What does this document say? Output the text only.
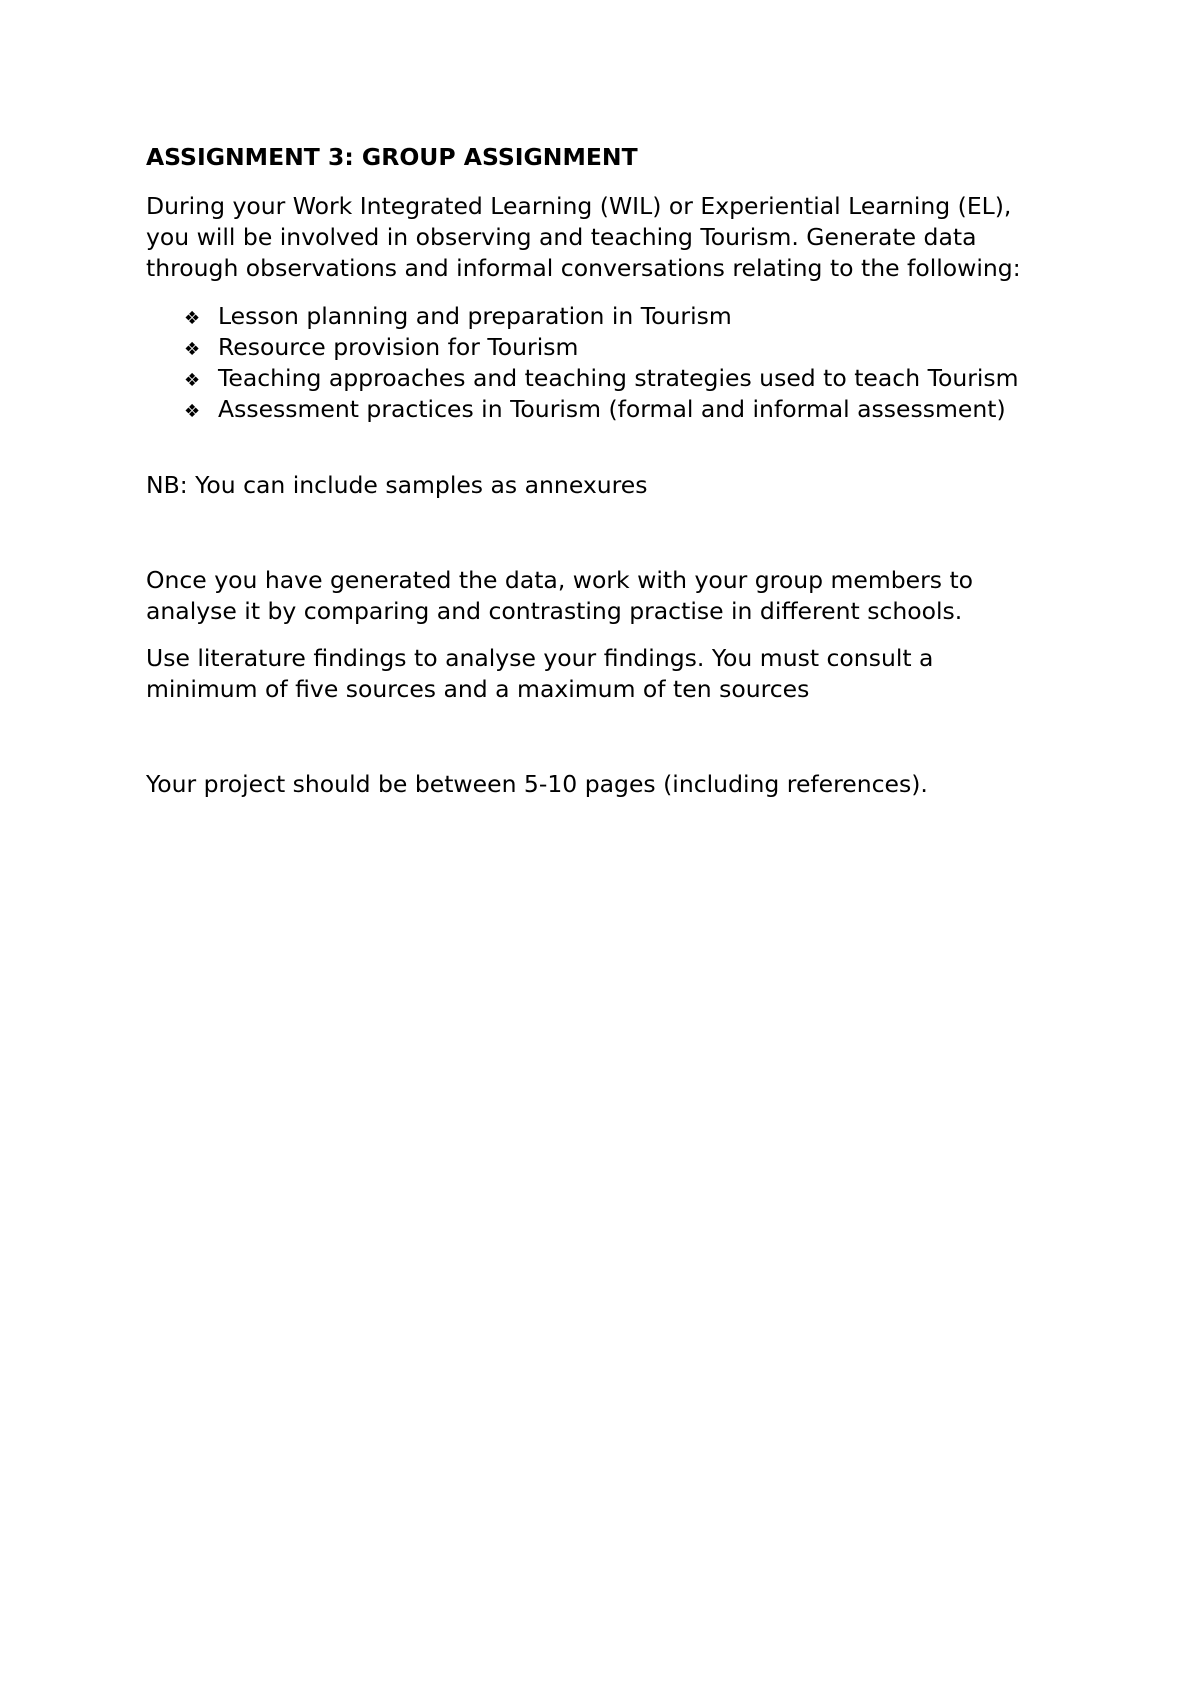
ASSIGNMENT 3: GROUP ASSIGNMENT
During your Work Integrated Learning (WIL) or Experiential Learning (EL),
you will be involved in observing and teaching Tourism. Generate data
through observations and informal conversations relating to the following:
❖ Lesson planning and preparation in Tourism
❖ Resource provision for Tourism
❖ Teaching approaches and teaching strategies used to teach Tourism
❖ Assessment practices in Tourism (formal and informal assessment)
NB: You can include samples as annexures
Once you have generated the data, work with your group members to
analyse it by comparing and contrasting practise in different schools.
Use literature findings to analyse your findings. You must consult a
minimum of five sources and a maximum of ten sources
Your project should be between 5-10 pages (including references).
